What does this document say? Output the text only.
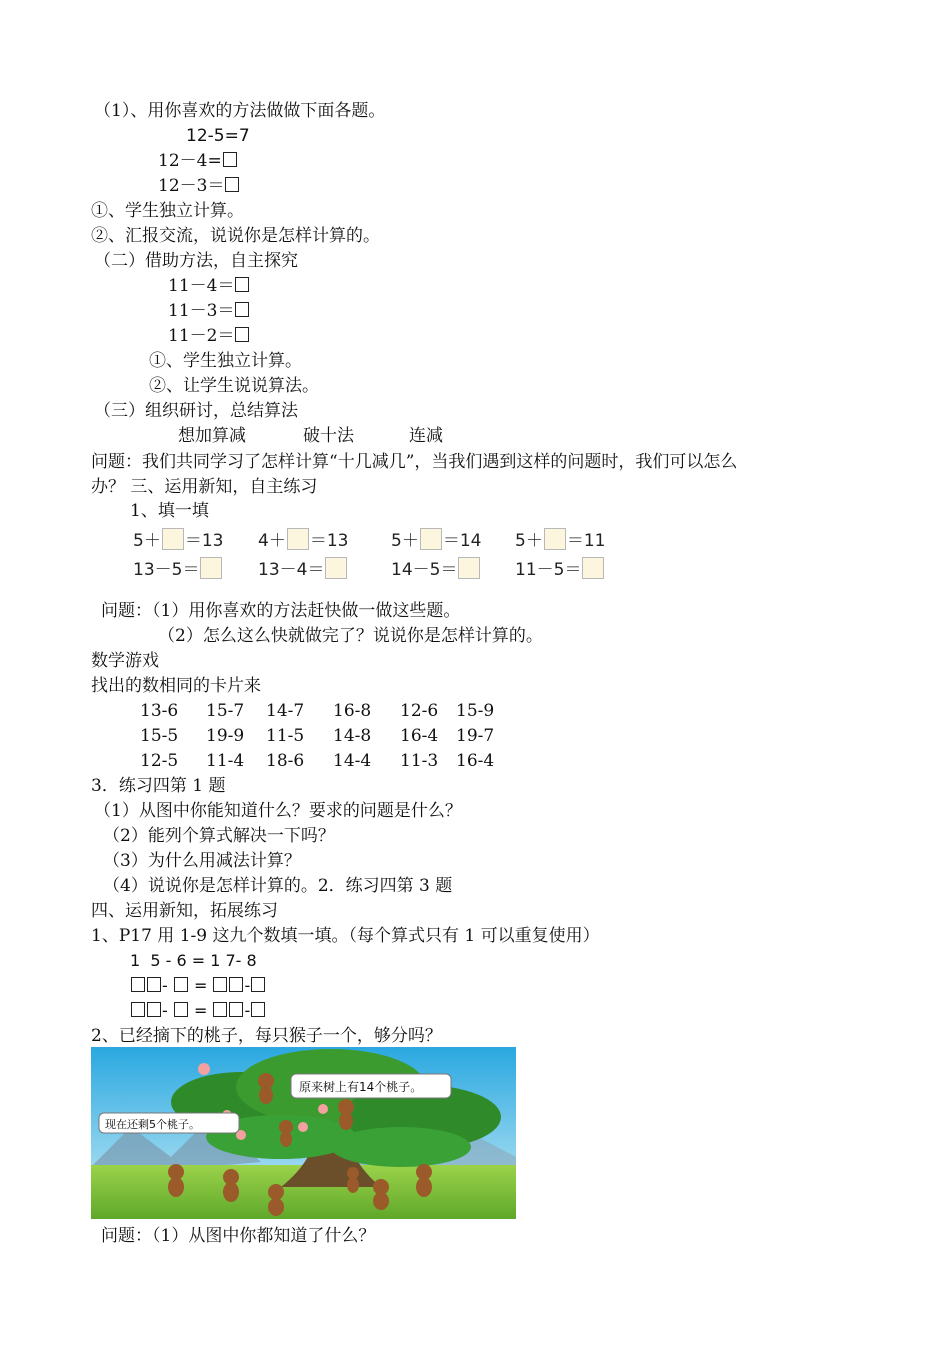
（1）、用你喜欢的方法做做下面各题。
12-5=7
12－4=
12－3＝
①、学生独立计算。
②、汇报交流，说说你是怎样计算的。
（二）借助方法，自主探究
11－4＝
11－3＝
11－2＝
①、学生独立计算。
②、让学生说说算法。
（三）组织研讨，总结算法
想加算减	破十法	连减
问题：我们共同学习了怎样计算“十几减几”，当我们遇到这样的问题时，我们可以怎么
办？ 三、运用新知，自主练习
1、填一填
5＋ ＝13 4＋ ＝13	5＋ ＝14 5＋ ＝11
13－5＝	13－4＝	14－5＝	11－5＝
问题：（1）用你喜欢的方法赶快做一做这些题。
（2）怎么这么快就做完了？说说你是怎样计算的。
数学游戏
找出的数相同的卡片来
13-6 15-7 14-7 16-8 12-6 15-9
15-5 19-9 11-5 14-8 16-4 19-7
12-5 11-4 18-6 14-4 11-3 16-4
3．练习四第 1 题
（1）从图中你能知道什么？要求的问题是什么？
（2）能列个算式解决一下吗？
（3）为什么用减法计算？
（4）说说你是怎样计算的。2．练习四第 3 题
四、运用新知，拓展练习
1、P17 用 1-9 这九个数填一填。（每个算式只有 1 可以重复使用）
1  5 - 6 = 1 7- 8
- = -
- = -
2、已经摘下的桃子，每只猴子一个，够分吗？
原来树上有14个桃子。
现在还剩5个桃子。
问题：（1）从图中你都知道了什么？
